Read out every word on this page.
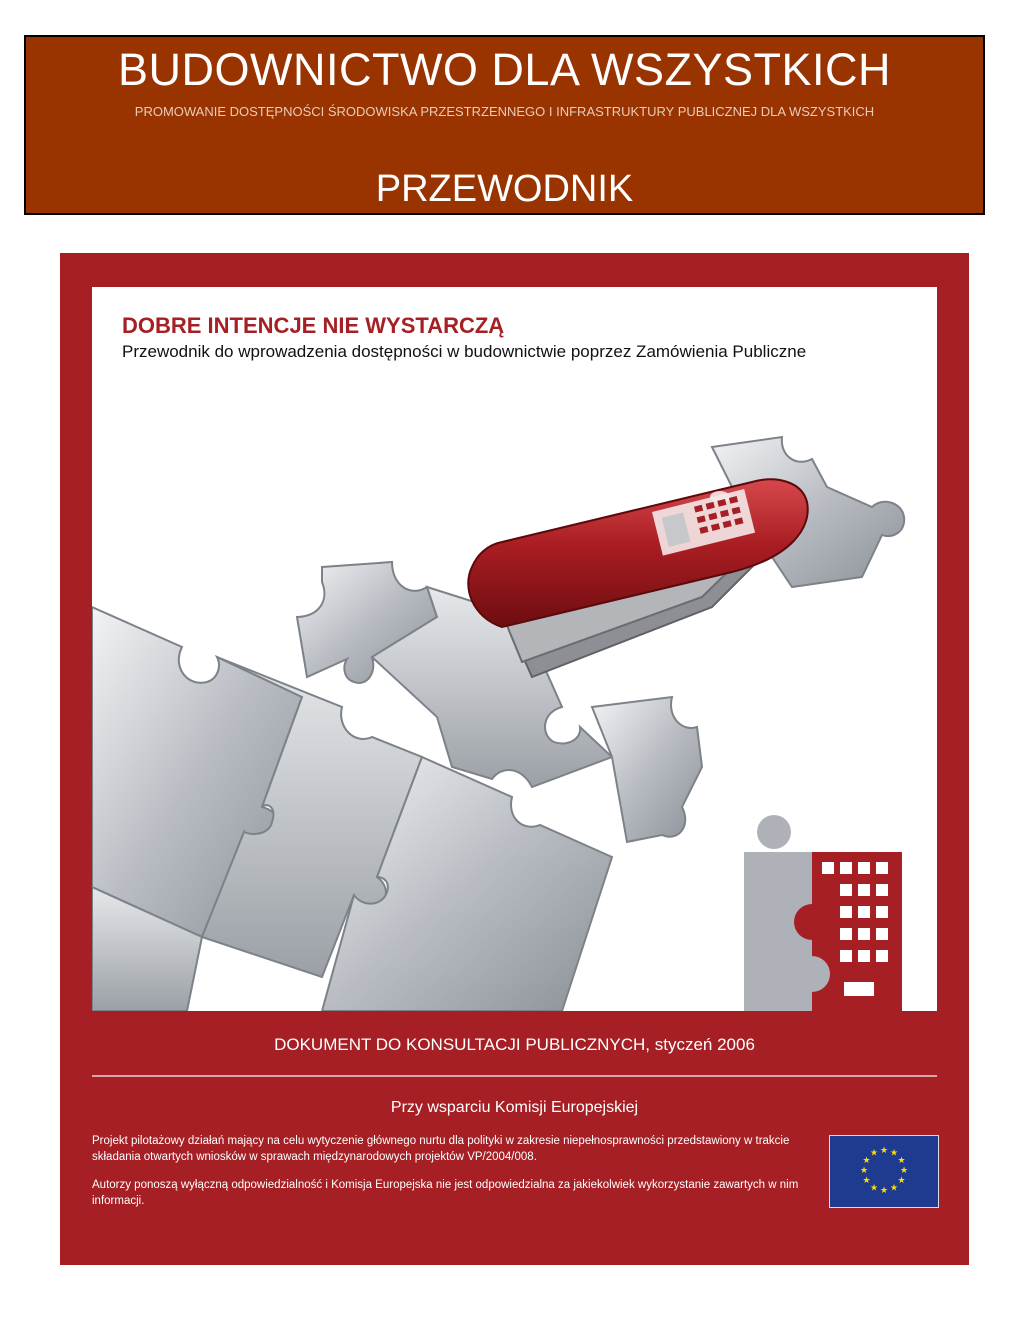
BUDOWNICTWO DLA WSZYSTKICH
PROMOWANIE DOSTĘPNOŚCI ŚRODOWISKA PRZESTRZENNEGO I INFRASTRUKTURY PUBLICZNEJ DLA WSZYSTKICH
PRZEWODNIK
DOBRE INTENCJE NIE WYSTARCZĄ
Przewodnik do wprowadzenia dostępności w budownictwie poprzez Zamówienia Publiczne
DOKUMENT DO KONSULTACJI PUBLICZNYCH, styczeń 2006
Przy wsparciu Komisji Europejskiej
Projekt pilotażowy działań mający na celu wytyczenie głównego nurtu dla polityki w zakresie niepełnosprawności przedstawiony w trakcie składania otwartych wniosków w sprawach międzynarodowych projektów VP/2004/008.
Autorzy ponoszą wyłączną odpowiedzialność i Komisja Europejska nie jest odpowiedzialna za jakiekolwiek wykorzystanie zawartych w nim informacji.
★ ★
★
★
★
★
★
★
★
★
★
★
